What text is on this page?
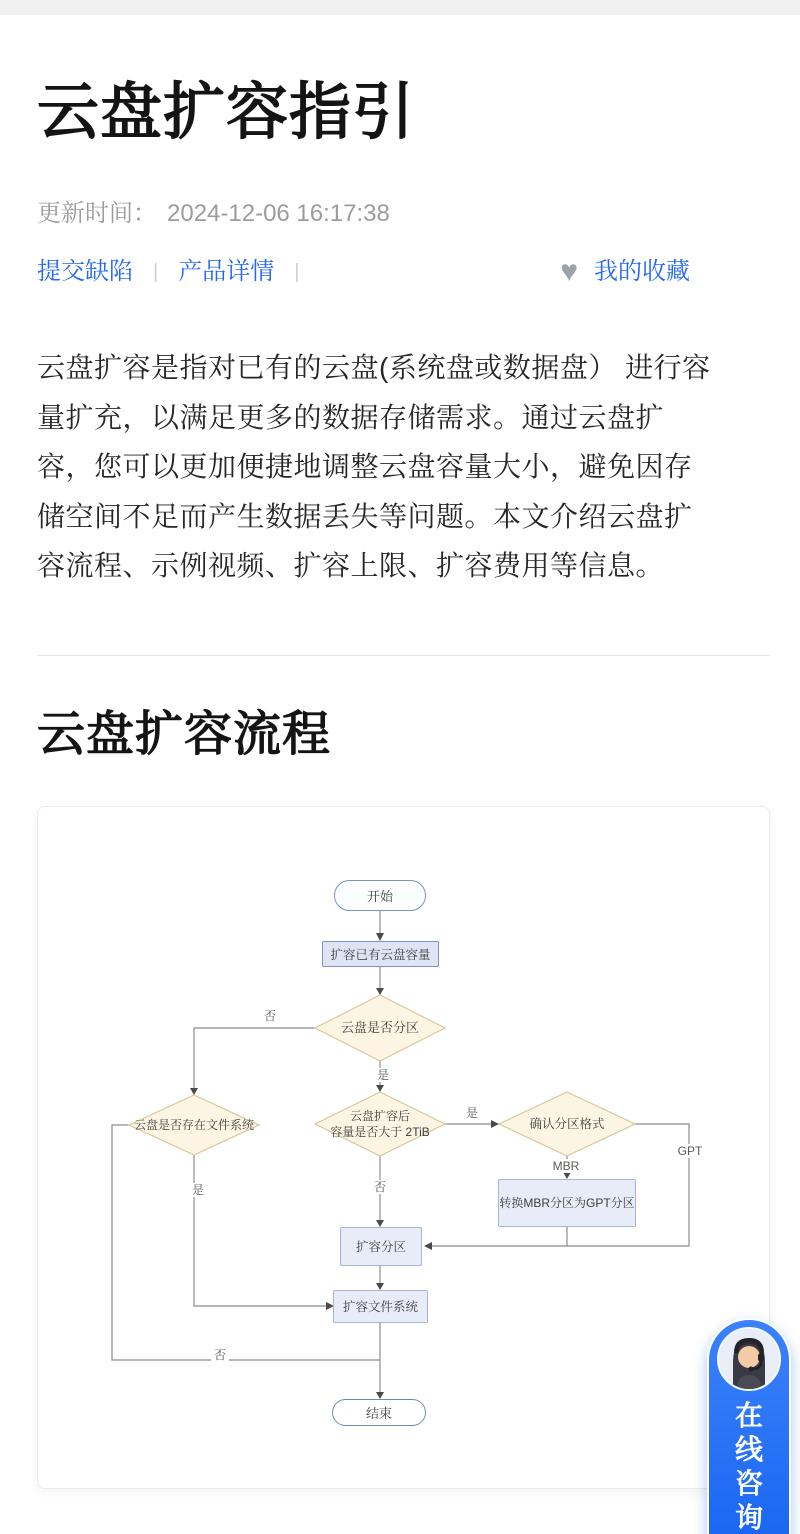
云盘扩容指引
更新时间： 2024-12-06 16:17:38
提交缺陷 | 产品详情 |	♥ 我的收藏
云盘扩容是指对已有的云盘(系统盘或数据盘） 进行容
量扩充，以满足更多的数据存储需求。通过云盘扩
容，您可以更加便捷地调整云盘容量大小，避免因存
储空间不足而产生数据丢失等问题。本文介绍云盘扩
容流程、示例视频、扩容上限、扩容费用等信息。
云盘扩容流程
开始
扩容已有云盘容量
云盘是否分区
云盘是否存在文件系统
云盘扩容后
容量是否大于 2TiB
确认分区格式
转换MBR分区为GPT分区
扩容分区
扩容文件系统
结束
否
是
是
GPT
MBR
否
是
否
在
线
咨
询
